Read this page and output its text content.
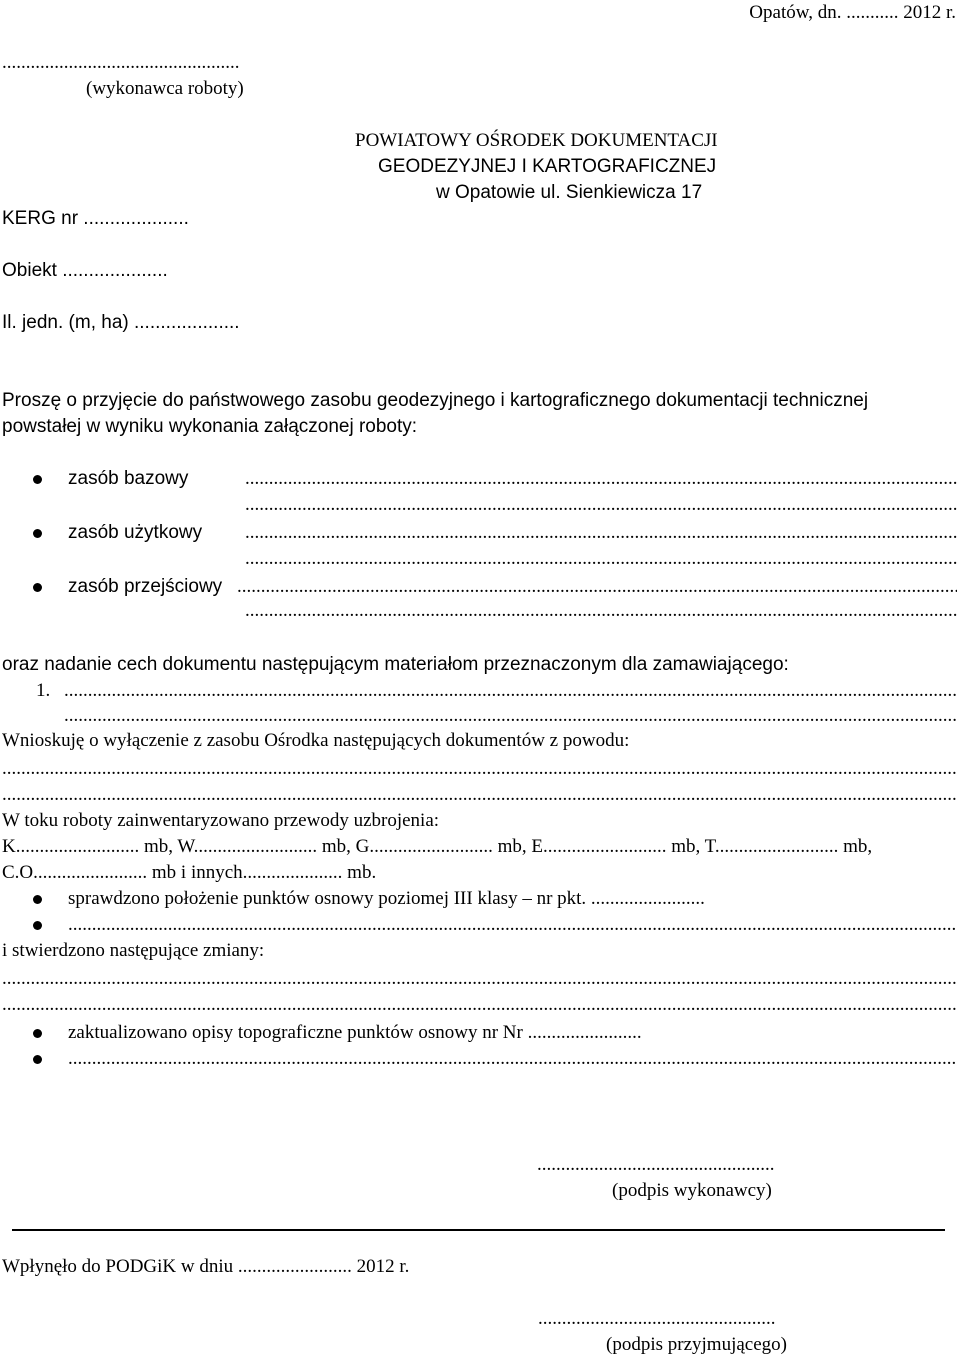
Opatów, dn. ........... 2012 r.
..................................................
(wykonawca roboty)
POWIATOWY OŚRODEK DOKUMENTACJI
GEODEZYJNEJ I KARTOGRAFICZNEJ
w Opatowie ul. Sienkiewicza 17
KERG nr ....................
Obiekt ....................
Il. jedn. (m, ha) ....................
Proszę o przyjęcie do państwowego zasobu geodezyjnego i kartograficznego dokumentacji technicznej
powstałej w wyniku wykonania załączonej roboty:
zasób bazowy
.....
.....
zasób użytkowy
.....
.....
zasób przejściowy
.....
.....
oraz nadanie cech dokumentu następującym materiałom przeznaczonym dla zamawiającego:
1.
.....
.....
Wnioskuję o wyłączenie z zasobu Ośrodka następujących dokumentów z powodu:
.....
.....
W toku roboty zainwentaryzowano przewody uzbrojenia:
K.......................... mb, W.......................... mb, G.......................... mb, E.......................... mb, T.......................... mb,
C.O........................ mb i innych..................... mb.
sprawdzono położenie punktów osnowy poziomej III klasy – nr pkt. ........................
.....
i stwierdzono następujące zmiany:
.....
.....
zaktualizowano opisy topograficzne punktów osnowy nr Nr ........................
.....
..................................................
(podpis wykonawcy)
Wpłynęło do PODGiK w dniu ........................ 2012 r.
..................................................
(podpis przyjmującego)
